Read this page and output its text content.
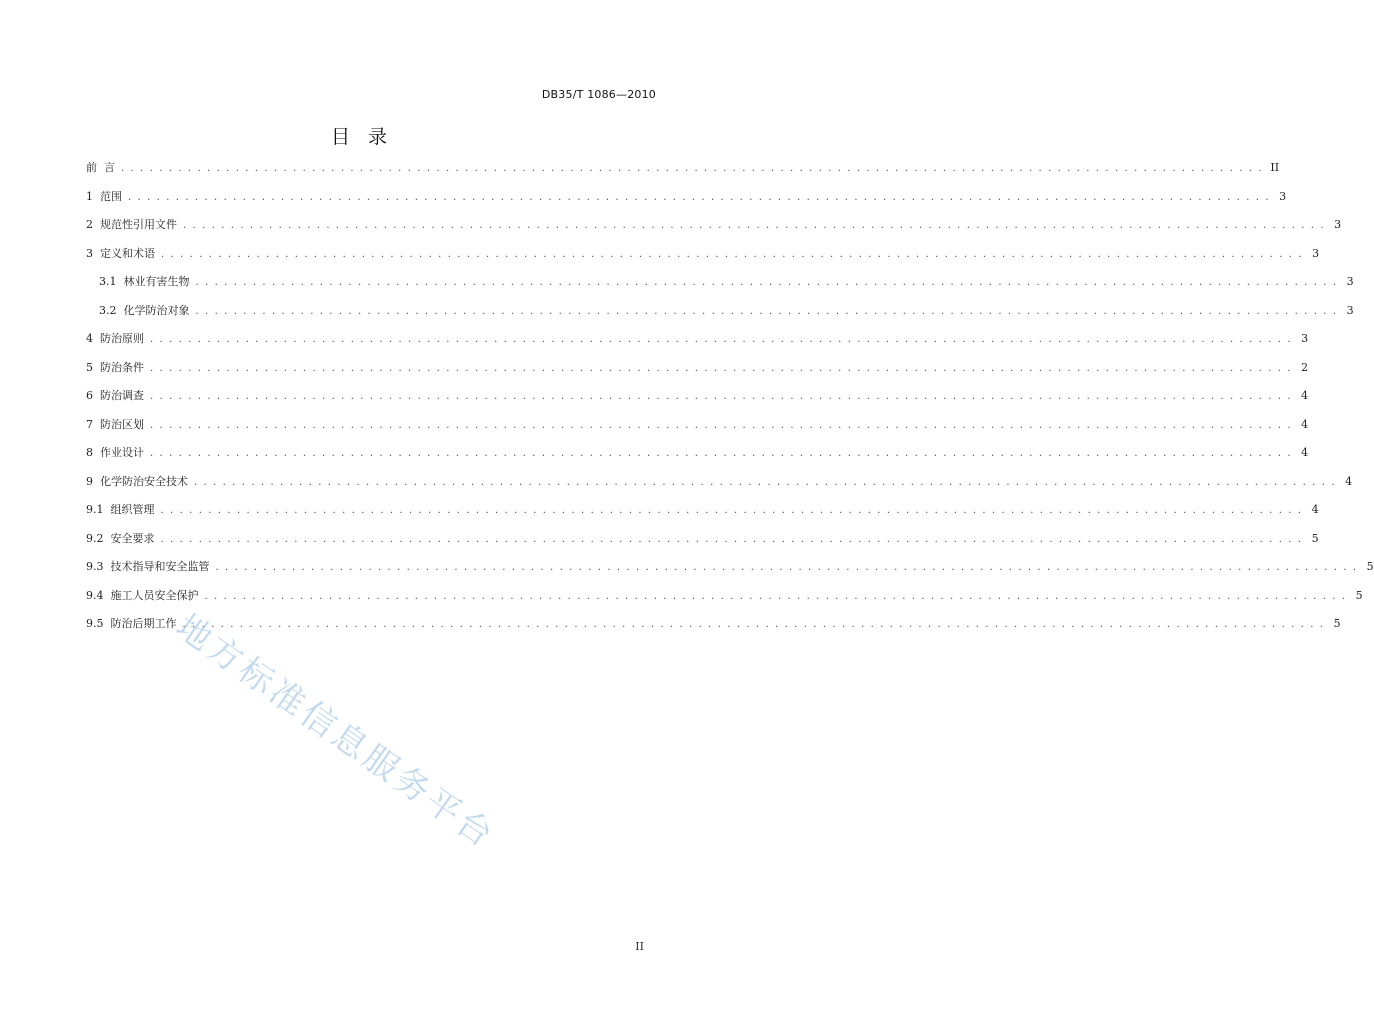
DB35/T 1086—2010
目 录
前  言 . . . . . . . . . . . . . . . . . . . . . . . . . . . . . . . . . . . . . . . . . . . . . . . . . . . . . . . . . . . . . . . . . . . . . . . . . . . . . . . . . . . . . . . . . . . . . . . . . . . . . . . . . . . . . . . . . . . . . . . . II
1 范围 . . . . . . . . . . . . . . . . . . . . . . . . . . . . . . . . . . . . . . . . . . . . . . . . . . . . . . . . . . . . . . . . . . . . . . . . . . . . . . . . . . . . . . . . . . . . . . . . . . . . . . . . . . . . . . . . . . . . . . . . 3
2 规范性引用文件 . . . . . . . . . . . . . . . . . . . . . . . . . . . . . . . . . . . . . . . . . . . . . . . . . . . . . . . . . . . . . . . . . . . . . . . . . . . . . . . . . . . . . . . . . . . . . . . . . . . . . . . . . . . . . . . . . . . . . . . . 3
3 定义和术语 . . . . . . . . . . . . . . . . . . . . . . . . . . . . . . . . . . . . . . . . . . . . . . . . . . . . . . . . . . . . . . . . . . . . . . . . . . . . . . . . . . . . . . . . . . . . . . . . . . . . . . . . . . . . . . . . . . . . . . . . 3
3.1 林业有害生物 . . . . . . . . . . . . . . . . . . . . . . . . . . . . . . . . . . . . . . . . . . . . . . . . . . . . . . . . . . . . . . . . . . . . . . . . . . . . . . . . . . . . . . . . . . . . . . . . . . . . . . . . . . . . . . . . . . . . . . . . 3
3.2 化学防治对象 . . . . . . . . . . . . . . . . . . . . . . . . . . . . . . . . . . . . . . . . . . . . . . . . . . . . . . . . . . . . . . . . . . . . . . . . . . . . . . . . . . . . . . . . . . . . . . . . . . . . . . . . . . . . . . . . . . . . . . . . 3
4 防治原则 . . . . . . . . . . . . . . . . . . . . . . . . . . . . . . . . . . . . . . . . . . . . . . . . . . . . . . . . . . . . . . . . . . . . . . . . . . . . . . . . . . . . . . . . . . . . . . . . . . . . . . . . . . . . . . . . . . . . . . . . 3
5 防治条件 . . . . . . . . . . . . . . . . . . . . . . . . . . . . . . . . . . . . . . . . . . . . . . . . . . . . . . . . . . . . . . . . . . . . . . . . . . . . . . . . . . . . . . . . . . . . . . . . . . . . . . . . . . . . . . . . . . . . . . . . 2
6 防治调查 . . . . . . . . . . . . . . . . . . . . . . . . . . . . . . . . . . . . . . . . . . . . . . . . . . . . . . . . . . . . . . . . . . . . . . . . . . . . . . . . . . . . . . . . . . . . . . . . . . . . . . . . . . . . . . . . . . . . . . . . 4
7 防治区划 . . . . . . . . . . . . . . . . . . . . . . . . . . . . . . . . . . . . . . . . . . . . . . . . . . . . . . . . . . . . . . . . . . . . . . . . . . . . . . . . . . . . . . . . . . . . . . . . . . . . . . . . . . . . . . . . . . . . . . . . 4
8 作业设计 . . . . . . . . . . . . . . . . . . . . . . . . . . . . . . . . . . . . . . . . . . . . . . . . . . . . . . . . . . . . . . . . . . . . . . . . . . . . . . . . . . . . . . . . . . . . . . . . . . . . . . . . . . . . . . . . . . . . . . . . 4
9 化学防治安全技术 . . . . . . . . . . . . . . . . . . . . . . . . . . . . . . . . . . . . . . . . . . . . . . . . . . . . . . . . . . . . . . . . . . . . . . . . . . . . . . . . . . . . . . . . . . . . . . . . . . . . . . . . . . . . . . . . . . . . . . . . 4
9.1 组织管理 . . . . . . . . . . . . . . . . . . . . . . . . . . . . . . . . . . . . . . . . . . . . . . . . . . . . . . . . . . . . . . . . . . . . . . . . . . . . . . . . . . . . . . . . . . . . . . . . . . . . . . . . . . . . . . . . . . . . . . . . 4
9.2 安全要求 . . . . . . . . . . . . . . . . . . . . . . . . . . . . . . . . . . . . . . . . . . . . . . . . . . . . . . . . . . . . . . . . . . . . . . . . . . . . . . . . . . . . . . . . . . . . . . . . . . . . . . . . . . . . . . . . . . . . . . . . 5
9.3 技术指导和安全监管 . . . . . . . . . . . . . . . . . . . . . . . . . . . . . . . . . . . . . . . . . . . . . . . . . . . . . . . . . . . . . . . . . . . . . . . . . . . . . . . . . . . . . . . . . . . . . . . . . . . . . . . . . . . . . . . . . . . . . . . . 5
9.4 施工人员安全保护 . . . . . . . . . . . . . . . . . . . . . . . . . . . . . . . . . . . . . . . . . . . . . . . . . . . . . . . . . . . . . . . . . . . . . . . . . . . . . . . . . . . . . . . . . . . . . . . . . . . . . . . . . . . . . . . . . . . . . . . . 5
9.5 防治后期工作 . . . . . . . . . . . . . . . . . . . . . . . . . . . . . . . . . . . . . . . . . . . . . . . . . . . . . . . . . . . . . . . . . . . . . . . . . . . . . . . . . . . . . . . . . . . . . . . . . . . . . . . . . . . . . . . . . . . . . . . . 5
地方标准信息服务平台
II
